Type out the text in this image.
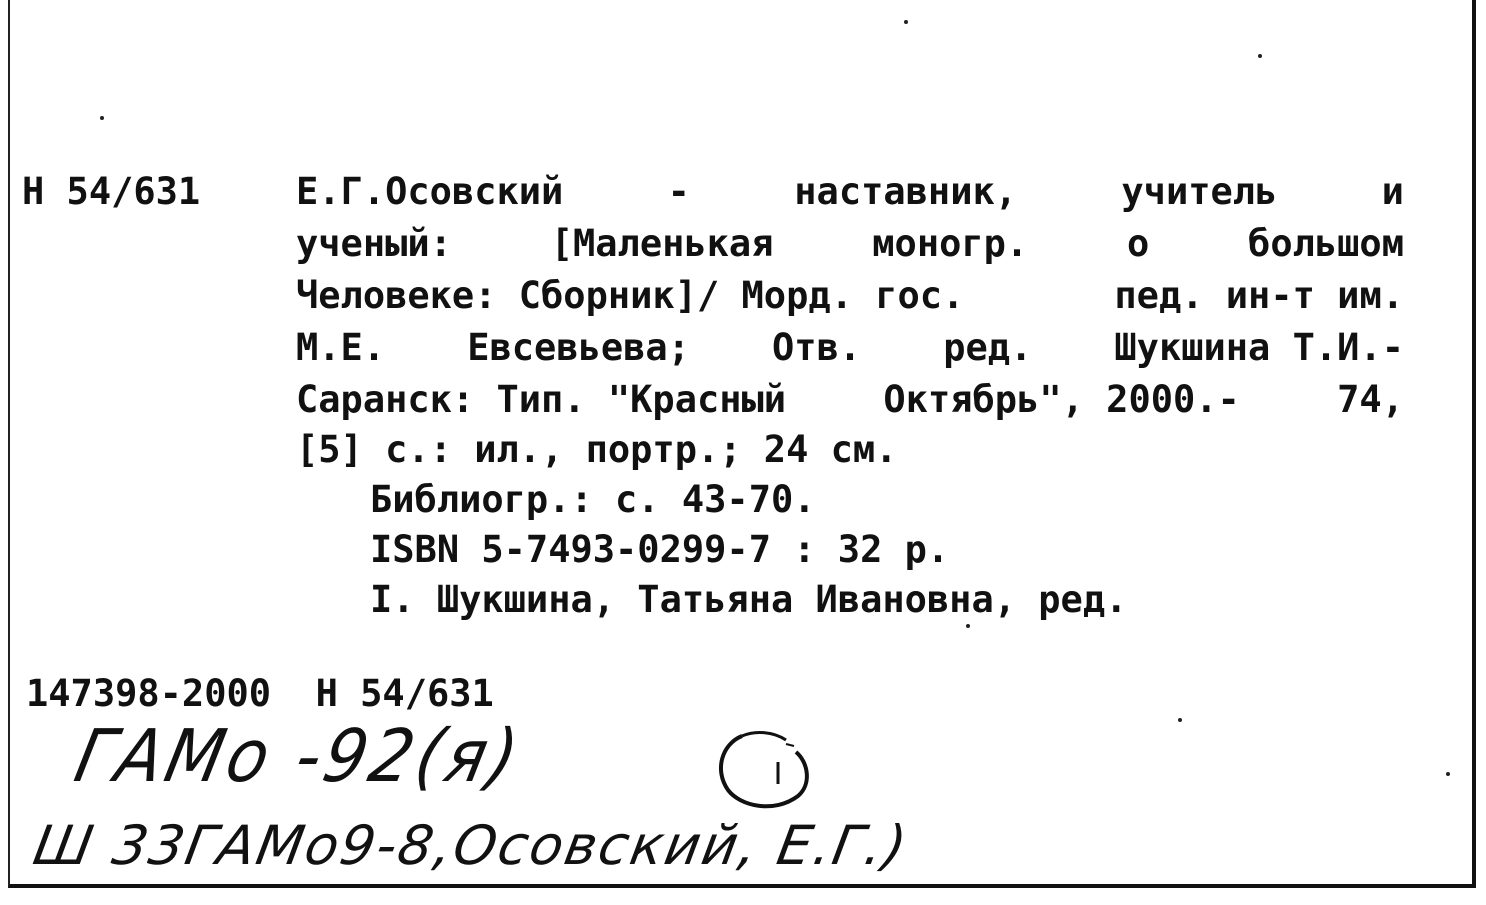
Н 54/631	Е.Г.Осовский	-	наставник,	учитель	и
ученый:	[Маленькая	моногр.	о	большом
Человеке: Сборник]/ Морд. гос.	пед. ин-т им.
М.Е. Евсевьева; Отв. ред. Шукшина Т.И.-
Саранск: Тип. "Красный	Октябрь", 2000.-	74,
[5] с.: ил., портр.; 24 см.
Библиогр.: с. 43-70.
ISBN 5-7493-0299-7 : 32 р.
I. Шукшина, Татьяна Ивановна, ред.
147398-2000  Н 54/631
ГАМо -92(я)
Ш 33ГАМо9-8,Осовский, Е.Г.)
